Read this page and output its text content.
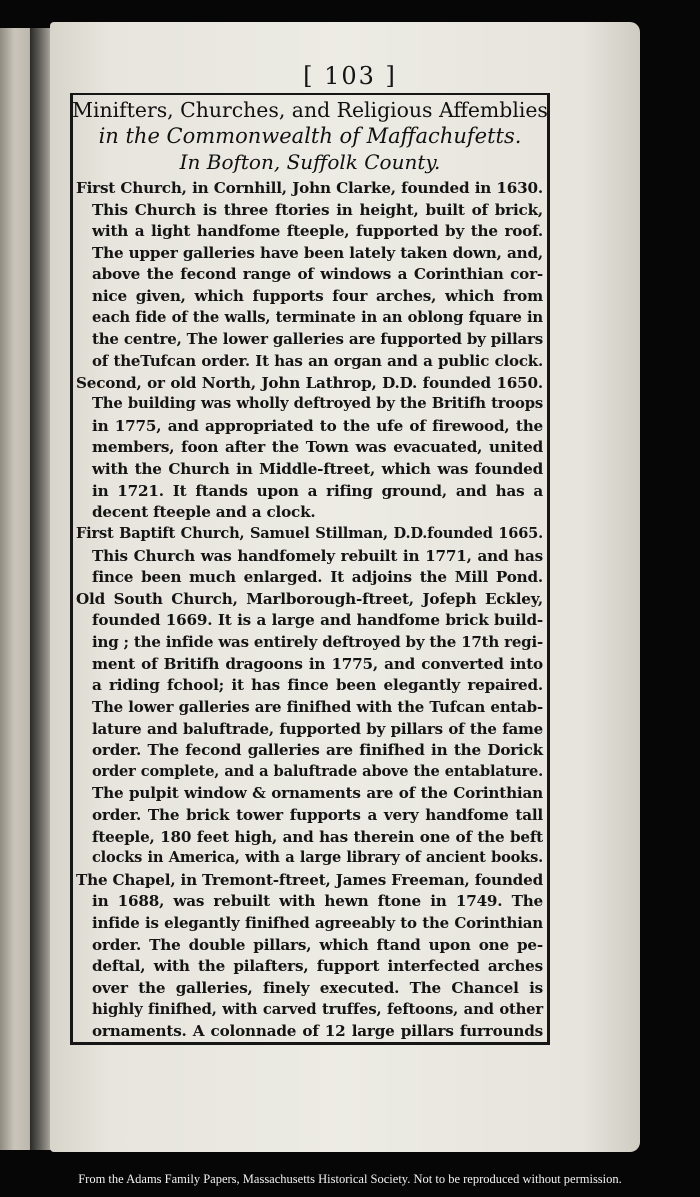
[ 103 ]
Minifters, Churches, and Religious Affemblies
in the Commonwealth of Maffachufetts.
In Bofton, Suffolk County.
First Church, in Cornhill, John Clarke, founded in 1630.
This Church is three ftories in height, built of brick,
with a light handfome fteeple, fupported by the roof.
The upper galleries have been lately taken down, and,
above the fecond range of windows a Corinthian cor-
nice given, which fupports four arches, which from
each fide of the walls, terminate in an oblong fquare in
the centre, The lower galleries are fupported by pillars
of theTufcan order. It has an organ and a public clock.
Second, or old North, John Lathrop, D.D. founded 1650.
The building was wholly deftroyed by the Britifh troops
in 1775, and appropriated to the ufe of firewood, the
members, foon after the Town was evacuated, united
with the Church in Middle-ftreet, which was founded
in 1721. It ftands upon a rifing ground, and has a
decent fteeple and a clock.
First Baptift Church, Samuel Stillman, D.D.founded 1665.
This Church was handfomely rebuilt in 1771, and has
fince been much enlarged. It adjoins the Mill Pond.
Old South Church, Marlborough-ftreet, Jofeph Eckley,
founded 1669. It is a large and handfome brick build-
ing ; the infide was entirely deftroyed by the 17th regi-
ment of Britifh dragoons in 1775, and converted into
a riding fchool; it has fince been elegantly repaired.
The lower galleries are finifhed with the Tufcan entab-
lature and baluftrade, fupported by pillars of the fame
order. The fecond galleries are finifhed in the Dorick
order complete, and a baluftrade above the entablature.
The pulpit window & ornaments are of the Corinthian
order. The brick tower fupports a very handfome tall
fteeple, 180 feet high, and has therein one of the beft
clocks in America, with a large library of ancient books.
The Chapel, in Tremont-ftreet, James Freeman, founded
in 1688, was rebuilt with hewn ftone in 1749. The
infide is elegantly finifhed agreeably to the Corinthian
order. The double pillars, which ftand upon one pe-
deftal, with the pilafters, fupport interfected arches
over the galleries, finely executed. The Chancel is
highly finifhed, with carved truffes, feftoons, and other
ornaments. A colonnade of 12 large pillars furrounds
From the Adams Family Papers, Massachusetts Historical Society. Not to be reproduced without permission.
